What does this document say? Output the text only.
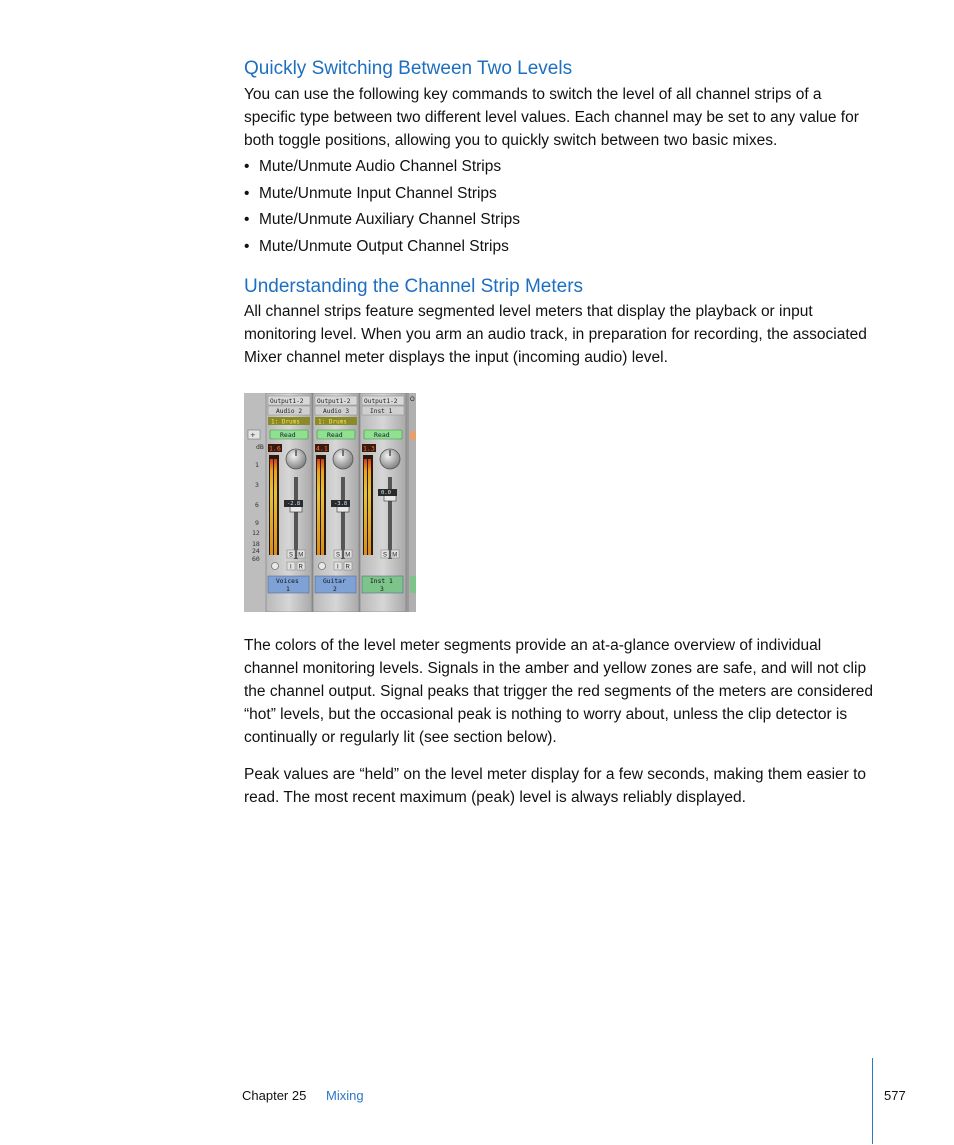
Quickly Switching Between Two Levels

You can use the following key commands to switch the level of all channel strips of a specific type between two different level values. Each channel may be set to any value for both toggle positions, allowing you to quickly switch between two basic mixes.

• Mute/Unmute Audio Channel Strips
• Mute/Unmute Input Channel Strips
• Mute/Unmute Auxiliary Channel Strips
• Mute/Unmute Output Channel Strips
Understanding the Channel Strip Meters

All channel strips feature segmented level meters that display the playback or input monitoring level. When you arm an audio track, in preparation for recording, the associated Mixer channel meter displays the input (incoming audio) level.

dB
1
3
6
9
12
18
24
60
+
Output1-2
Audio 2
1: Drums
Read
1.6
-2.8
S M
I R
Voices
1
Output1-2
Audio 3
1: Drums
Read
4.1
-3.8
S M
I R
Guitar
2
Output1-2
Inst 1
Read
1.3
0.0
S M
Inst 1
3
O

The colors of the level meter segments provide an at-a-glance overview of individual channel monitoring levels. Signals in the amber and yellow zones are safe, and will not clip the channel output. Signal peaks that trigger the red segments of the meters are considered “hot” levels, but the occasional peak is nothing to worry about, unless the clip detector is continually or regularly lit (see section below).

Peak values are “held” on the level meter display for a few seconds, making them easier to read. The most recent maximum (peak) level is always reliably displayed.

Chapter 25 Mixing	577
